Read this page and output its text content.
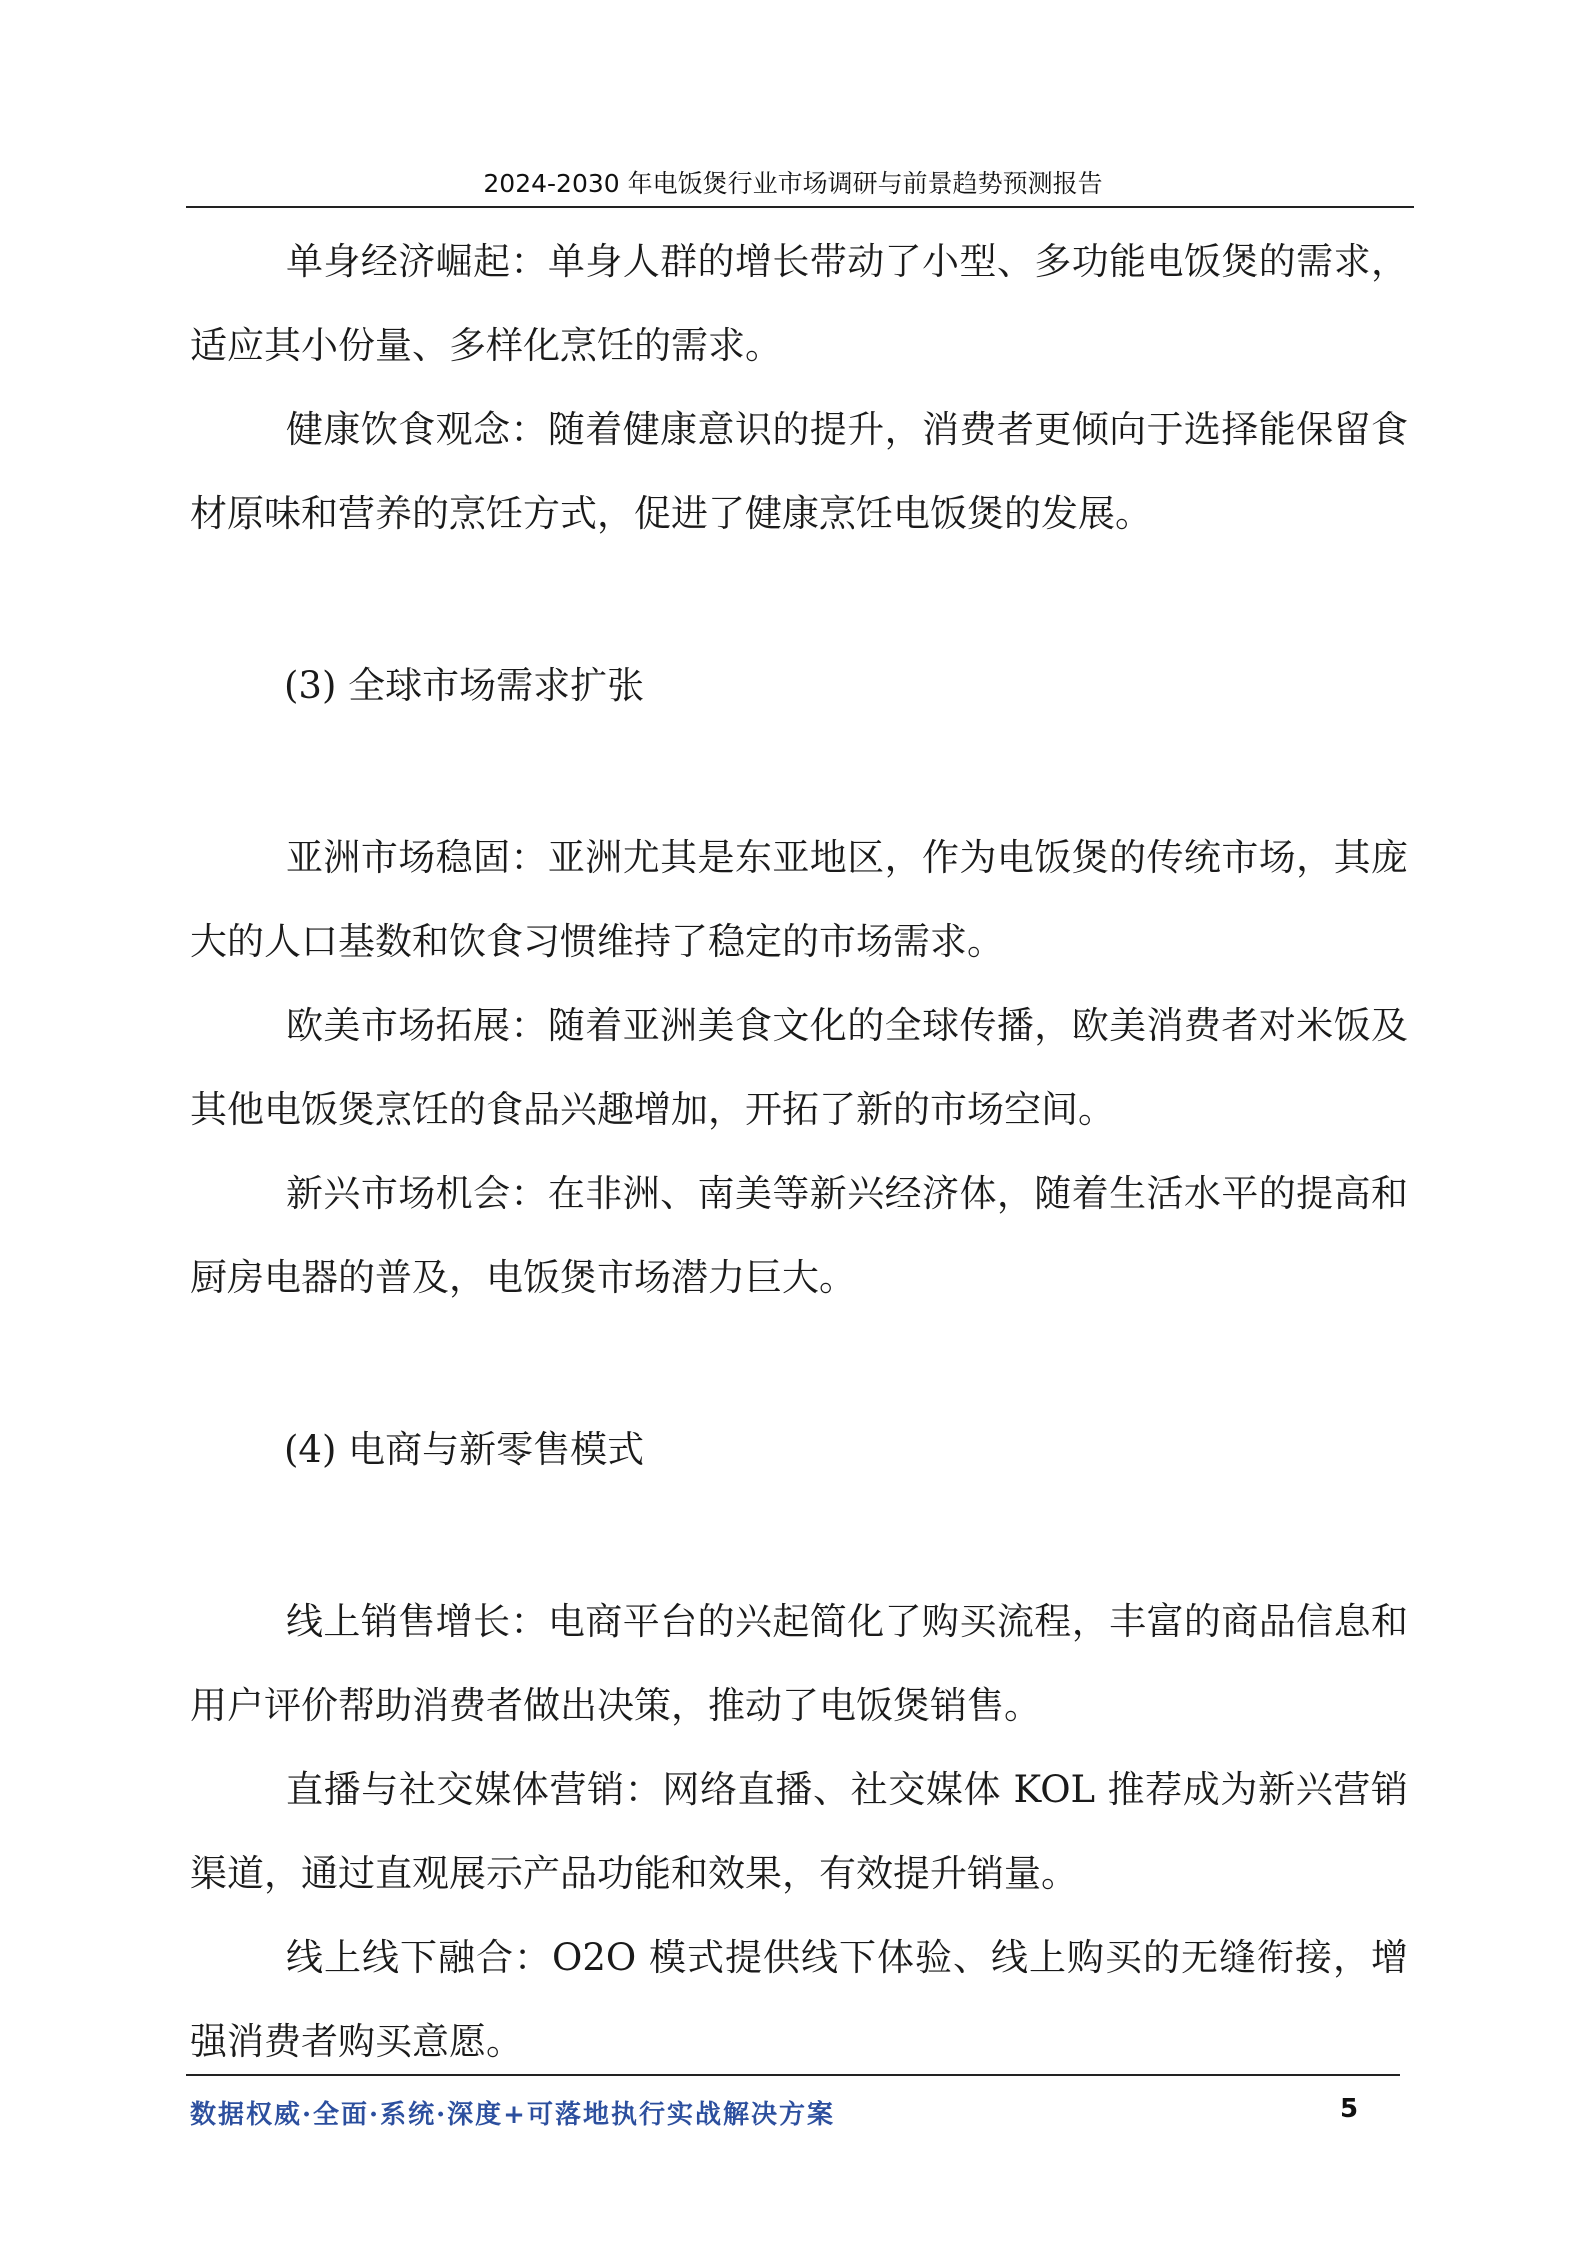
2024-2030 年电饭煲行业市场调研与前景趋势预测报告

单身经济崛起：单身人群的增长带动了小型、多功能电饭煲的需求，适应其小份量、多样化烹饪的需求。

健康饮食观念：随着健康意识的提升，消费者更倾向于选择能保留食材原味和营养的烹饪方式，促进了健康烹饪电饭煲的发展。

(3) 全球市场需求扩张

亚洲市场稳固：亚洲尤其是东亚地区，作为电饭煲的传统市场，其庞大的人口基数和饮食习惯维持了稳定的市场需求。

欧美市场拓展：随着亚洲美食文化的全球传播，欧美消费者对米饭及其他电饭煲烹饪的食品兴趣增加，开拓了新的市场空间。

新兴市场机会：在非洲、南美等新兴经济体，随着生活水平的提高和厨房电器的普及，电饭煲市场潜力巨大。

(4) 电商与新零售模式

线上销售增长：电商平台的兴起简化了购买流程，丰富的商品信息和用户评价帮助消费者做出决策，推动了电饭煲销售。

直播与社交媒体营销：网络直播、社交媒体 KOL 推荐成为新兴营销渠道，通过直观展示产品功能和效果，有效提升销量。

线上线下融合：O2O 模式提供线下体验、线上购买的无缝衔接，增强消费者购买意愿。

数据权威·全面·系统·深度+可落地执行实战解决方案	5
